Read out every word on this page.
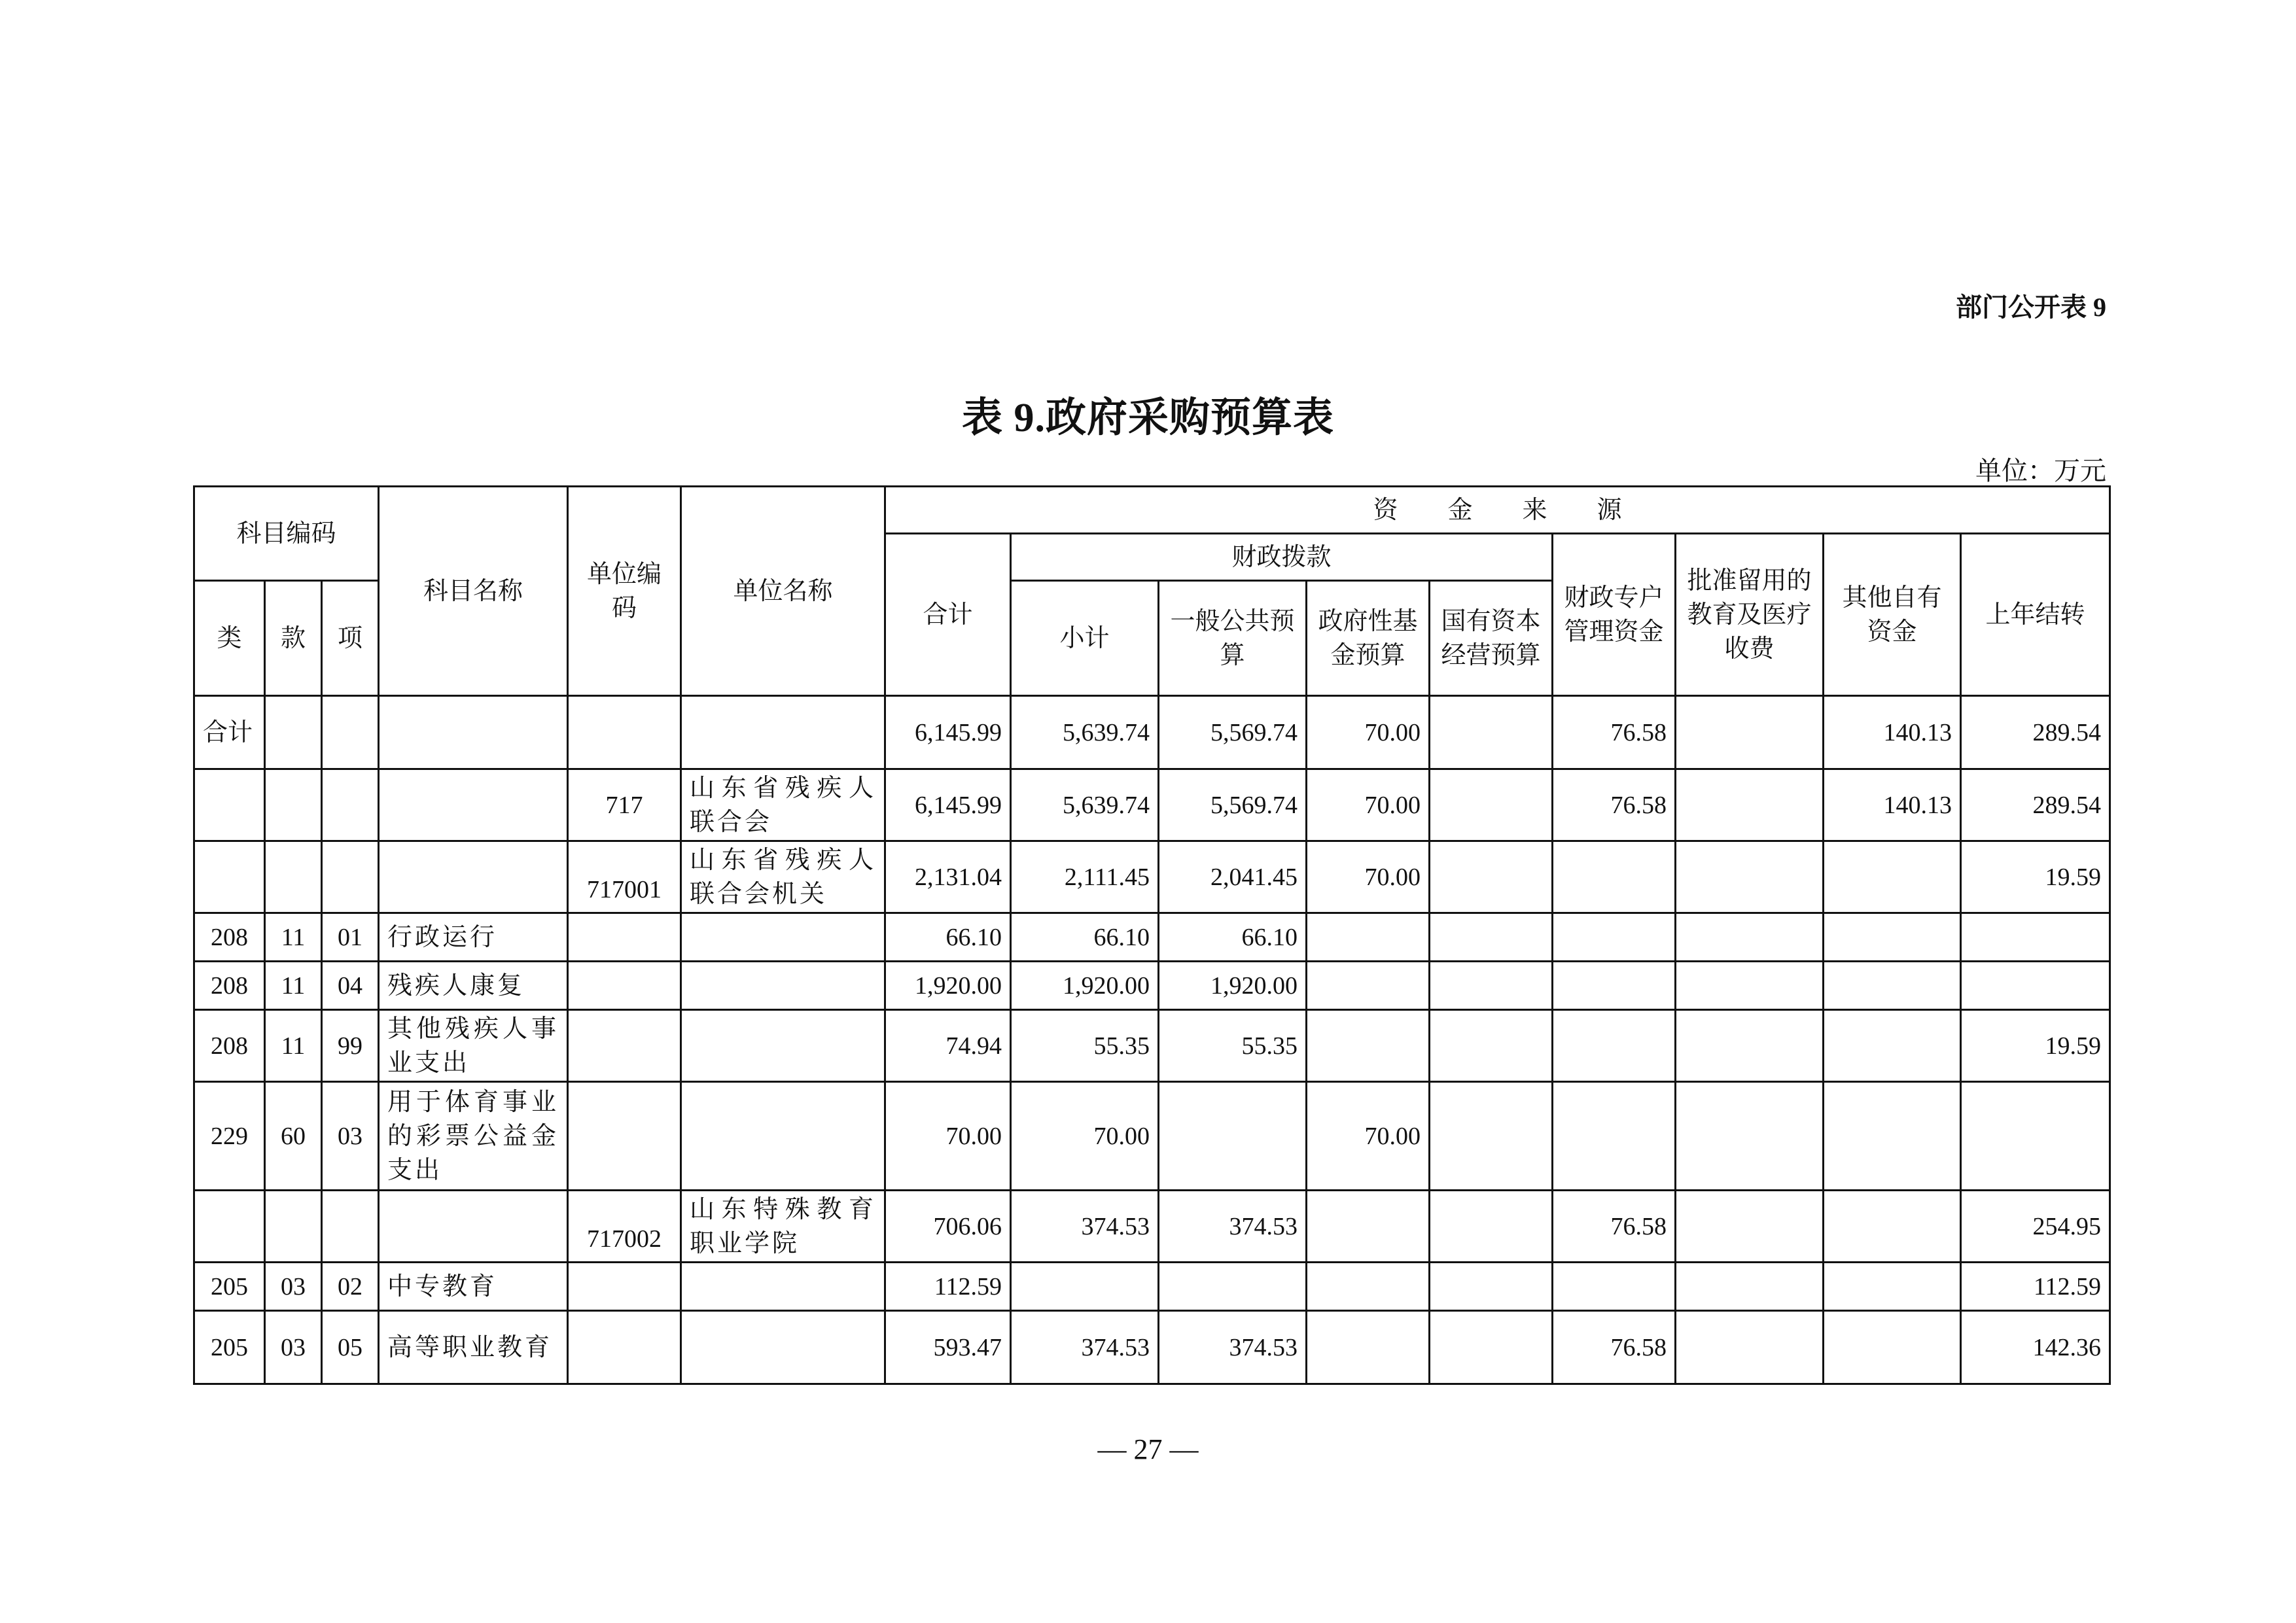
部门公开表 9
表 9.政府采购预算表
单位：万元
科目编码			科目名称	单位编码	单位名称	资　　金　　来　　源								
						合计	财政拨款				财政专户管理资金	批准留用的教育及医疗收费	其他自有资金	上年结转
类	款	项					小计	一般公共预算	政府性基金预算	国有资本经营预算				
合计						6,145.99	5,639.74	5,569.74	70.00		76.58		140.13	289.54
				717	山东省残疾人联合会	6,145.99	5,639.74	5,569.74	70.00		76.58		140.13	289.54
				717001	山东省残疾人联合会机关	2,131.04	2,111.45	2,041.45	70.00					19.59
208	11	01	行政运行			66.10	66.10	66.10						
208	11	04	残疾人康复			1,920.00	1,920.00	1,920.00						
208	11	99	其他残疾人事业支出			74.94	55.35	55.35						19.59
229	60	03	用于体育事业的彩票公益金支出			70.00	70.00		70.00					
				717002	山东特殊教育职业学院	706.06	374.53	374.53			76.58			254.95
205	03	02	中专教育			112.59								112.59
205	03	05	高等职业教育			593.47	374.53	374.53			76.58			142.36
— 27 —
